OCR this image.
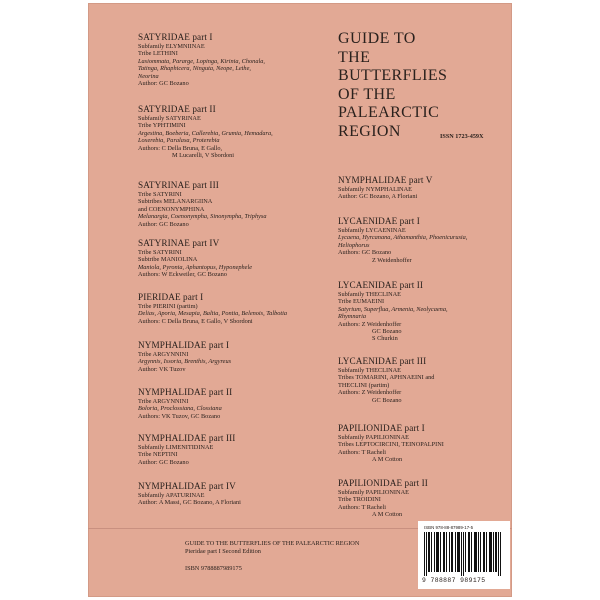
SATYRIDAE part I
Subfamily ELYMNIINAE
Tribe LETHINI
Lasiommata, Pararge, Lopinga, Kirinia, Chonala,
Tatinga, Rhaphicera, Ninguta, Neope, Lethe,
Neorina
Author: GC Bozano
SATYRIDAE part II
Subfamily SATYRINAE
Tribe YPHTIMINI
Argestina, Boeberia, Callerebia, Grumia, Hemadara,
Loxerebia, Paralasa, Proterebia
Authors: C Della Bruna, E Gallo,
M Lucarelli, V Sbordoni
SATYRINAE part III
Tribe SATYRINI
Subtribes MELANARGIINA
and COENONYMPHINA
Melanargia, Coenonympha, Sinonympha, Triphysa
Author: GC Bozano
SATYRINAE part IV
Tribe SATYRINI
Subtribe MANIOLINA
Maniola, Pyronia, Aphantopus, Hyponephele
Authors: W Eckweiler, GC Bozano
PIERIDAE part I
Tribe PIERINI (partim)
Delias, Aporia, Mesapia, Baltia, Pontia, Belenois, Talbotia
Authors: C Della Bruna, E Gallo, V Sbordoni
NYMPHALIDAE part I
Tribe ARGYNNINI
Argynnis, Issoria, Brenthis, Argyreus
Author: VK Tuzov
NYMPHALIDAE part II
Tribe ARGYNNINI
Boloria, Proclossiana, Clossiana
Authors: VK Tuzov, GC Bozano
NYMPHALIDAE part III
Subfamily LIMENITIDINAE
Tribe NEPTINI
Author: GC Bozano
NYMPHALIDAE part IV
Subfamily APATURINAE
Author: A Massi, GC Bozano, A Floriani
NYMPHALIDAE part V
Subfamily NYMPHALINAE
Author: GC Bozano, A Floriani
LYCAENIDAE part I
Subfamily LYCAENINAE
Lycaena, Hyrcanana, Athamanthia, Phoenicurusia,
Heliophorus
Authors: GC Bozano
Z Weidenhoffer
LYCAENIDAE part II
Subfamily THECLINAE
Tribe EUMAEINI
Satyrium, Superflua, Armenia, Neolycaena,
Rhymnaria
Authors: Z Weidenhoffer
GC Bozano
S Churkin
LYCAENIDAE part III
Subfamily THECLINAE
Tribes TOMARINI, APHNAEINI and
THECLINI (partim)
Authors: Z Weidenhoffer
GC Bozano
PAPILIONIDAE part I
Subfamily PAPILIONINAE
Tribes LEPTOCIRCINI, TEINOPALPINI
Authors: T Racheli
A M Cotton
PAPILIONIDAE part II
Subfamily PAPILIONINAE
Tribe TROIDINI
Authors: T Racheli
A M Cotton
GUIDE TO
THE
BUTTERFLIES
OF THE
PALEARCTIC
REGION	ISSN 1723-459X
GUIDE TO THE BUTTERFLIES OF THE PALEARCTIC REGION
Pieridae part I Second Edition
ISBN 9788887989175
ISBN 978-88-87989-17-5
9 788887 989175
